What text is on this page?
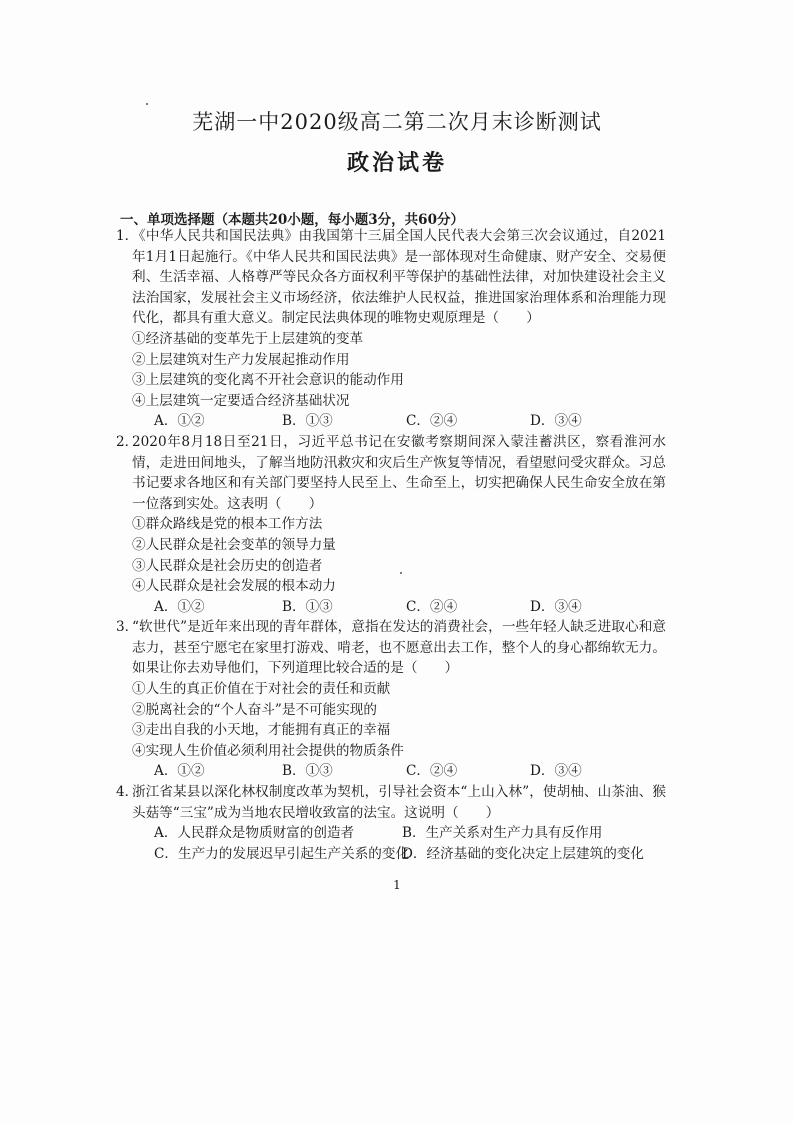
芜湖一中2020级高二第二次月末诊断测试
政治试卷
一、单项选择题（本题共20小题，每小题3分，共60分）
1．
《中华人民共和国民法典》由我国第十三届全国人民代表大会第三次会议通过，自2021年1月1日起施行。《中华人民共和国民法典》是一部体现对生命健康、财产安全、交易便利、生活幸福、人格尊严等民众各方面权利平等保护的基础性法律，对加快建设社会主义法治国家，发展社会主义市场经济，依法维护人民权益，推进国家治理体系和治理能力现代化，都具有重大意义。制定民法典体现的唯物史观原理是（　　）
①经济基础的变革先于上层建筑的变革
②上层建筑对生产力发展起推动作用
③上层建筑的变化离不开社会意识的能动作用
④上层建筑一定要适合经济基础状况
A．①②	B．①③	C．②④	D．③④
2．
2020年8月18日至21日，习近平总书记在安徽考察期间深入蒙洼蓄洪区，察看淮河水情，走进田间地头，了解当地防汛救灾和灾后生产恢复等情况，看望慰问受灾群众。习总书记要求各地区和有关部门要坚持人民至上、生命至上，切实把确保人民生命安全放在第一位落到实处。这表明（　　）
①群众路线是党的根本工作方法
②人民群众是社会变革的领导力量
③人民群众是社会历史的创造者
④人民群众是社会发展的根本动力
A．①②	B．①③	C．②④	D．③④
3．
“软世代”是近年来出现的青年群体，意指在发达的消费社会，一些年轻人缺乏进取心和意志力，甚至宁愿宅在家里打游戏、啃老，也不愿意出去工作，整个人的身心都绵软无力。如果让你去劝导他们，下列道理比较合适的是（　　）
①人生的真正价值在于对社会的责任和贡献
②脱离社会的“个人奋斗”是不可能实现的
③走出自我的小天地，才能拥有真正的幸福
④实现人生价值必须利用社会提供的物质条件
A．①②	B．①③	C．②④	D．③④
4．
浙江省某县以深化林权制度改革为契机，引导社会资本“上山入林”，使胡柚、山茶油、猴头菇等“三宝”成为当地农民增收致富的法宝。这说明（　　）
A．人民群众是物质财富的创造者	B．生产关系对生产力具有反作用
C．生产力的发展迟早引起生产关系的变化
D．经济基础的变化决定上层建筑的变化
1
